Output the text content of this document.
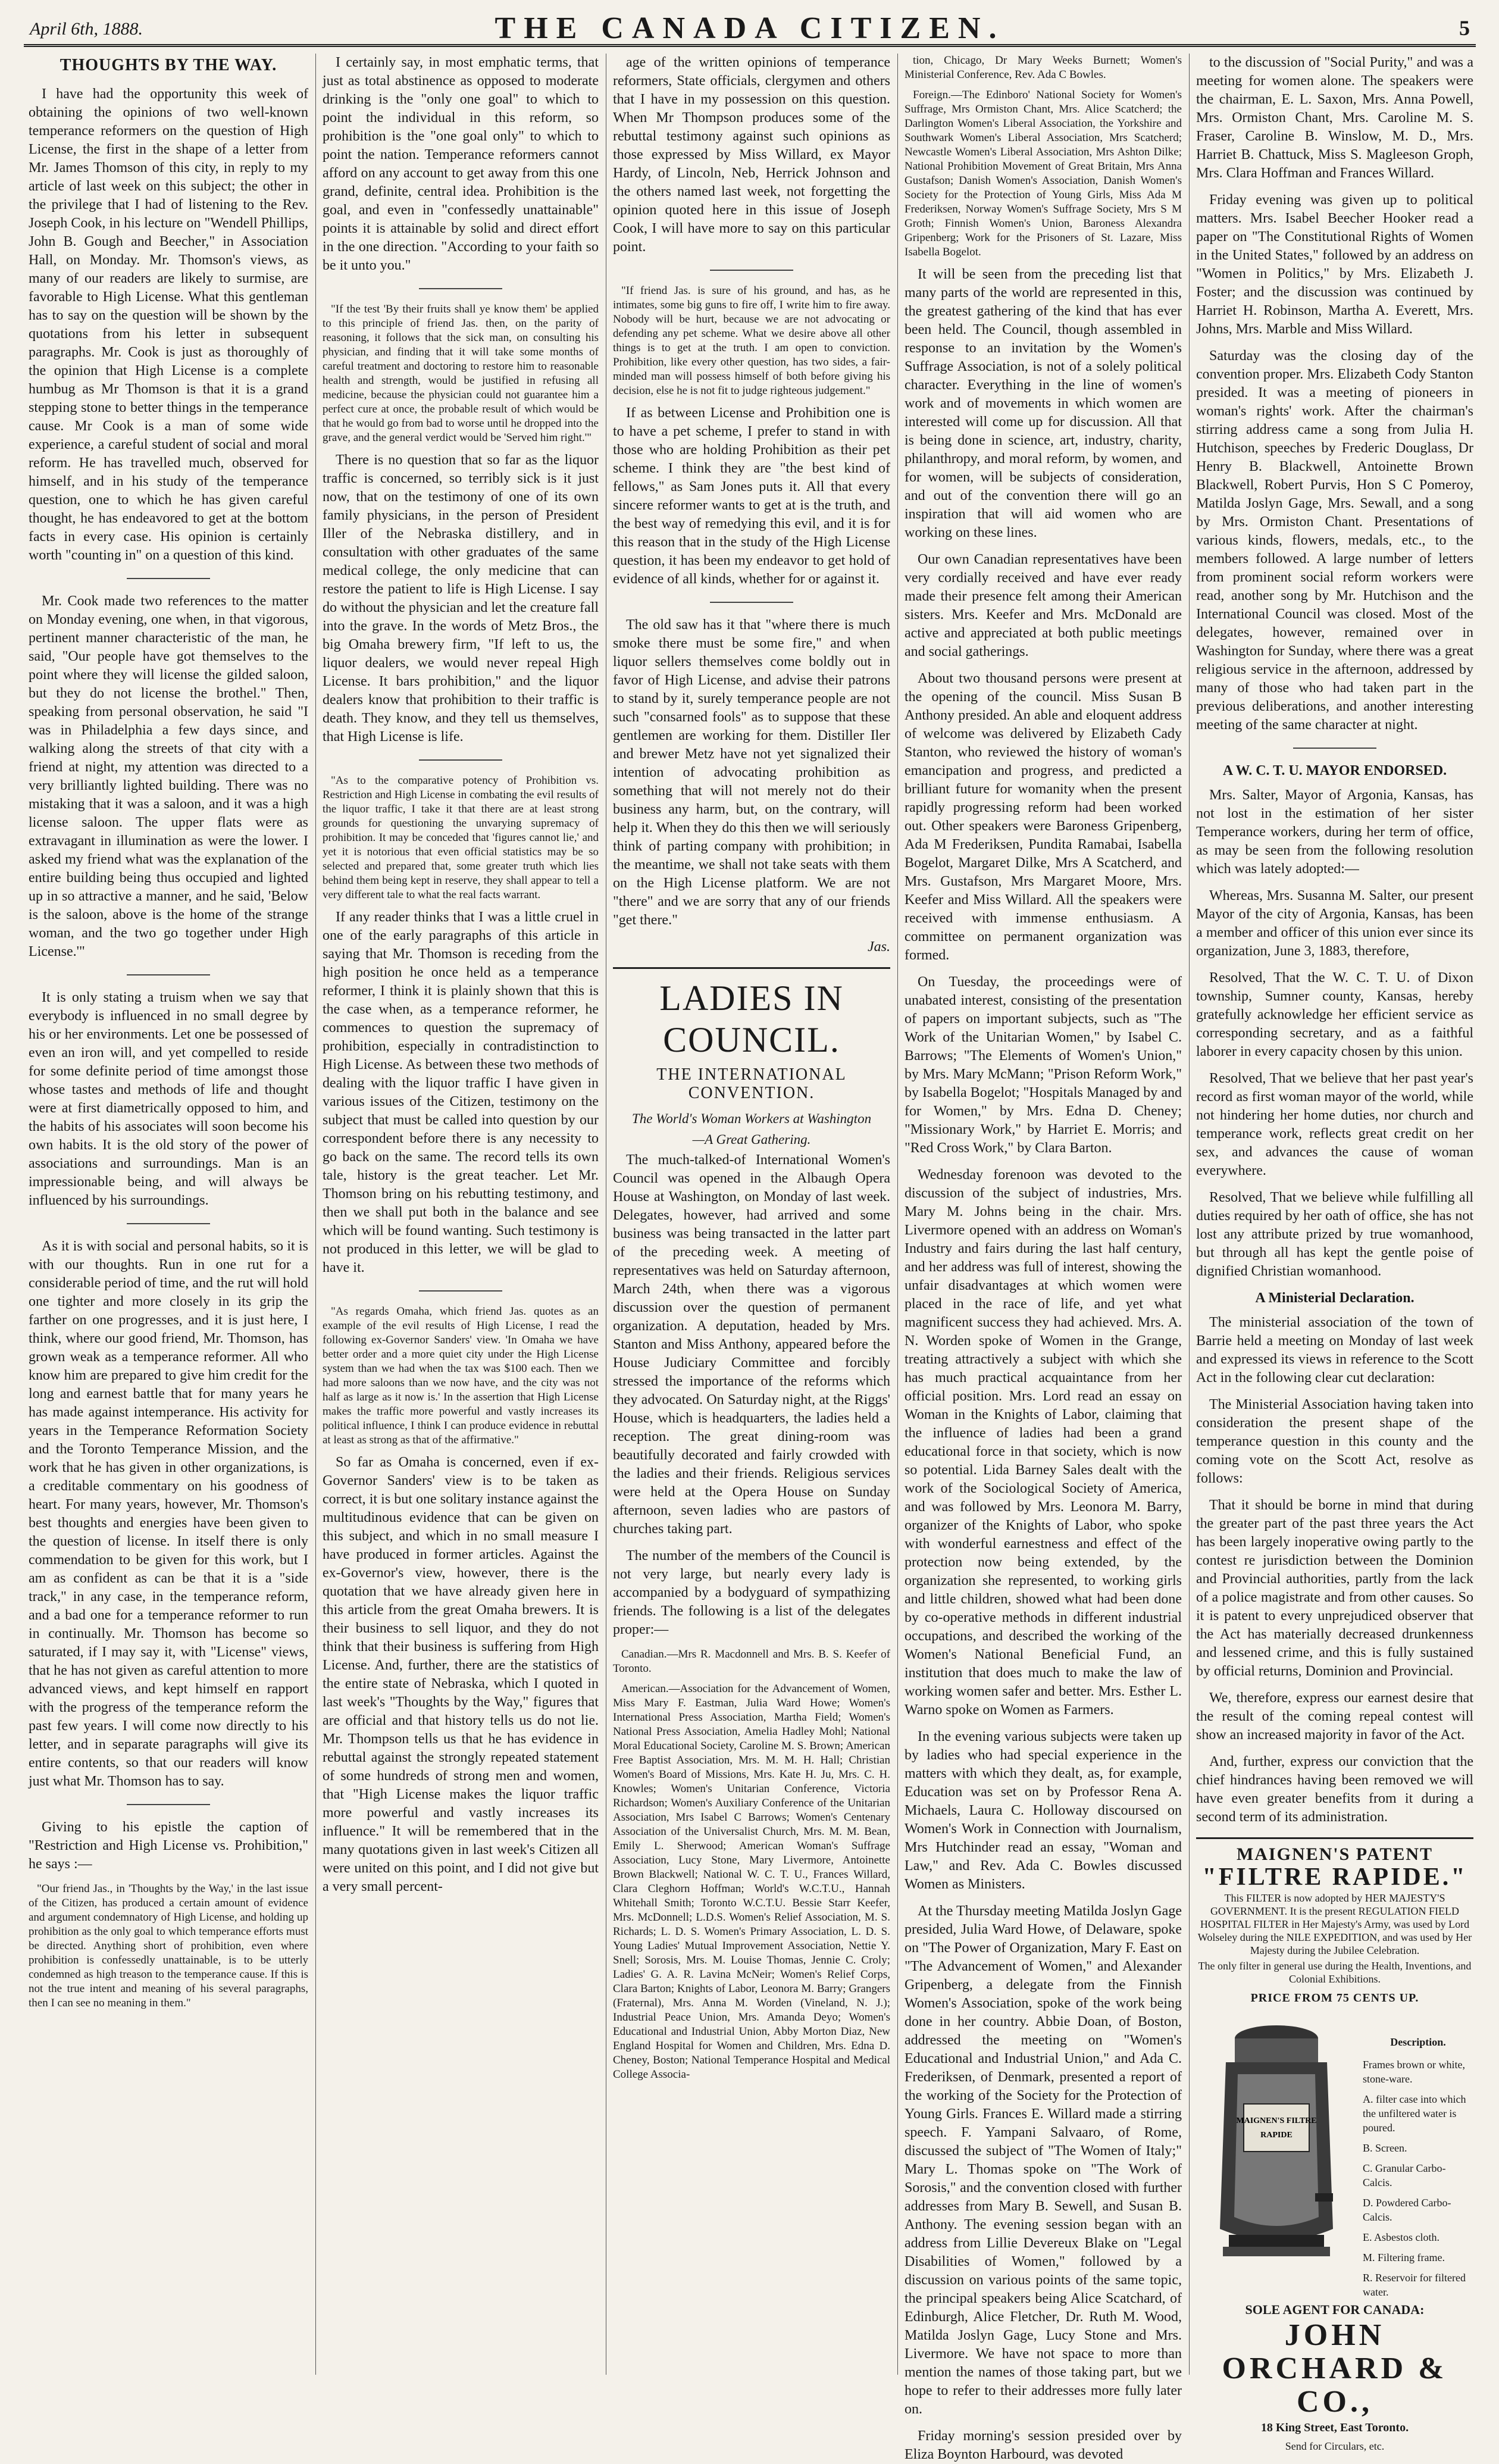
April 6th, 1888.	THE CANADA CITIZEN.	5
THOUGHTS BY THE WAY.

I have had the opportunity this week of obtaining the opinions of two well-known temperance reformers on the question of High License, the first in the shape of a letter from Mr. James Thomson of this city, in reply to my article of last week on this subject; the other in the privilege that I had of listening to the Rev. Joseph Cook, in his lecture on "Wendell Phillips, John B. Gough and Beecher," in Association Hall, on Monday. Mr. Thomson's views, as many of our readers are likely to surmise, are favorable to High License. What this gentleman has to say on the question will be shown by the quotations from his letter in subsequent paragraphs. Mr. Cook is just as thoroughly of the opinion that High License is a complete humbug as Mr Thomson is that it is a grand stepping stone to better things in the temperance cause. Mr Cook is a man of some wide experience, a careful student of social and moral reform. He has travelled much, observed for himself, and in his study of the temperance question, one to which he has given careful thought, he has endeavored to get at the bottom facts in every case. His opinion is certainly worth "counting in" on a question of this kind.

Mr. Cook made two references to the matter on Monday evening, one when, in that vigorous, pertinent manner characteristic of the man, he said, "Our people have got themselves to the point where they will license the gilded saloon, but they do not license the brothel." Then, speaking from personal observation, he said "I was in Philadelphia a few days since, and walking along the streets of that city with a friend at night, my attention was directed to a very brilliantly lighted building. There was no mistaking that it was a saloon, and it was a high license saloon. The upper flats were as extravagant in illumination as were the lower. I asked my friend what was the explanation of the entire building being thus occupied and lighted up in so attractive a manner, and he said, 'Below is the saloon, above is the home of the strange woman, and the two go together under High License.'"

It is only stating a truism when we say that everybody is influenced in no small degree by his or her environments. Let one be possessed of even an iron will, and yet compelled to reside for some definite period of time amongst those whose tastes and methods of life and thought were at first diametrically opposed to him, and the habits of his associates will soon become his own habits. It is the old story of the power of associations and surroundings. Man is an impressionable being, and will always be influenced by his surroundings.

As it is with social and personal habits, so it is with our thoughts. Run in one rut for a considerable period of time, and the rut will hold one tighter and more closely in its grip the farther on one progresses, and it is just here, I think, where our good friend, Mr. Thomson, has grown weak as a temperance reformer. All who know him are prepared to give him credit for the long and earnest battle that for many years he has made against intemperance. His activity for years in the Temperance Reformation Society and the Toronto Temperance Mission, and the work that he has given in other organizations, is a creditable commentary on his goodness of heart. For many years, however, Mr. Thomson's best thoughts and energies have been given to the question of license. In itself there is only commendation to be given for this work, but I am as confident as can be that it is a "side track," in any case, in the temperance reform, and a bad one for a temperance reformer to run in continually. Mr. Thomson has become so saturated, if I may say it, with "License" views, that he has not given as careful attention to more advanced views, and kept himself en rapport with the progress of the temperance reform the past few years. I will come now directly to his letter, and in separate paragraphs will give its entire contents, so that our readers will know just what Mr. Thomson has to say.

Giving to his epistle the caption of "Restriction and High License vs. Prohibition," he says :—

"Our friend Jas., in 'Thoughts by the Way,' in the last issue of the Citizen, has produced a certain amount of evidence and argument condemnatory of High License, and holding up prohibition as the only goal to which temperance efforts must be directed. Anything short of prohibition, even where prohibition is confessedly unattainable, is to be utterly condemned as high treason to the temperance cause. If this is not the true intent and meaning of his several paragraphs, then I can see no meaning in them."

I certainly say, in most emphatic terms, that just as total abstinence as opposed to moderate drinking is the "only one goal" to which to point the individual in this reform, so prohibition is the "one goal only" to which to point the nation. Temperance reformers cannot afford on any account to get away from this one grand, definite, central idea. Prohibition is the goal, and even in "confessedly unattainable" points it is attainable by solid and direct effort in the one direction. "According to your faith so be it unto you."

"If the test 'By their fruits shall ye know them' be applied to this principle of friend Jas. then, on the parity of reasoning, it follows that the sick man, on consulting his physician, and finding that it will take some months of careful treatment and doctoring to restore him to reasonable health and strength, would be justified in refusing all medicine, because the physician could not guarantee him a perfect cure at once, the probable result of which would be that he would go from bad to worse until he dropped into the grave, and the general verdict would be 'Served him right.'"

There is no question that so far as the liquor traffic is concerned, so terribly sick is it just now, that on the testimony of one of its own family physicians, in the person of President Iller of the Nebraska distillery, and in consultation with other graduates of the same medical college, the only medicine that can restore the patient to life is High License. I say do without the physician and let the creature fall into the grave. In the words of Metz Bros., the big Omaha brewery firm, "If left to us, the liquor dealers, we would never repeal High License. It bars prohibition," and the liquor dealers know that prohibition to their traffic is death. They know, and they tell us themselves, that High License is life.

"As to the comparative potency of Prohibition vs. Restriction and High License in combating the evil results of the liquor traffic, I take it that there are at least strong grounds for questioning the unvarying supremacy of prohibition. It may be conceded that 'figures cannot lie,' and yet it is notorious that even official statistics may be so selected and prepared that, some greater truth which lies behind them being kept in reserve, they shall appear to tell a very different tale to what the real facts warrant.

If any reader thinks that I was a little cruel in one of the early paragraphs of this article in saying that Mr. Thomson is receding from the high position he once held as a temperance reformer, I think it is plainly shown that this is the case when, as a temperance reformer, he commences to question the supremacy of prohibition, especially in contradistinction to High License. As between these two methods of dealing with the liquor traffic I have given in various issues of the Citizen, testimony on the subject that must be called into question by our correspondent before there is any necessity to go back on the same. The record tells its own tale, history is the great teacher. Let Mr. Thomson bring on his rebutting testimony, and then we shall put both in the balance and see which will be found wanting. Such testimony is not produced in this letter, we will be glad to have it.

"As regards Omaha, which friend Jas. quotes as an example of the evil results of High License, I read the following ex-Governor Sanders' view. 'In Omaha we have better order and a more quiet city under the High License system than we had when the tax was $100 each. Then we had more saloons than we now have, and the city was not half as large as it now is.' In the assertion that High License makes the traffic more powerful and vastly increases its political influence, I think I can produce evidence in rebuttal at least as strong as that of the affirmative."

So far as Omaha is concerned, even if ex-Governor Sanders' view is to be taken as correct, it is but one solitary instance against the multitudinous evidence that can be given on this subject, and which in no small measure I have produced in former articles. Against the ex-Governor's view, however, there is the quotation that we have already given here in this article from the great Omaha brewers. It is their business to sell liquor, and they do not think that their business is suffering from High License. And, further, there are the statistics of the entire state of Nebraska, which I quoted in last week's "Thoughts by the Way," figures that are official and that history tells us do not lie. Mr. Thompson tells us that he has evidence in rebuttal against the strongly repeated statement of some hundreds of strong men and women, that "High License makes the liquor traffic more powerful and vastly increases its influence." It will be remembered that in the many quotations given in last week's Citizen all were united on this point, and I did not give but a very small percent-

age of the written opinions of temperance reformers, State officials, clergymen and others that I have in my possession on this question. When Mr Thompson produces some of the rebuttal testimony against such opinions as those expressed by Miss Willard, ex Mayor Hardy, of Lincoln, Neb, Herrick Johnson and the others named last week, not forgetting the opinion quoted here in this issue of Joseph Cook, I will have more to say on this particular point.

"If friend Jas. is sure of his ground, and has, as he intimates, some big guns to fire off, I write him to fire away. Nobody will be hurt, because we are not advocating or defending any pet scheme. What we desire above all other things is to get at the truth. I am open to conviction. Prohibition, like every other question, has two sides, a fair-minded man will possess himself of both before giving his decision, else he is not fit to judge righteous judgement."

If as between License and Prohibition one is to have a pet scheme, I prefer to stand in with those who are holding Prohibition as their pet scheme. I think they are "the best kind of fellows," as Sam Jones puts it. All that every sincere reformer wants to get at is the truth, and the best way of remedying this evil, and it is for this reason that in the study of the High License question, it has been my endeavor to get hold of evidence of all kinds, whether for or against it.

The old saw has it that "where there is much smoke there must be some fire," and when liquor sellers themselves come boldly out in favor of High License, and advise their patrons to stand by it, surely temperance people are not such "consarned fools" as to suppose that these gentlemen are working for them. Distiller Iler and brewer Metz have not yet signalized their intention of advocating prohibition as something that will not merely not do their business any harm, but, on the contrary, will help it. When they do this then we will seriously think of parting company with prohibition; in the meantime, we shall not take seats with them on the High License platform. We are not "there" and we are sorry that any of our friends "get there."

Jas.
LADIES IN COUNCIL.
THE INTERNATIONAL CONVENTION.
The World's Woman Workers at Washington
—A Great Gathering.

The much-talked-of International Women's Council was opened in the Albaugh Opera House at Washington, on Monday of last week. Delegates, however, had arrived and some business was being transacted in the latter part of the preceding week. A meeting of representatives was held on Saturday afternoon, March 24th, when there was a vigorous discussion over the question of permanent organization. A deputation, headed by Mrs. Stanton and Miss Anthony, appeared before the House Judiciary Committee and forcibly stressed the importance of the reforms which they advocated. On Saturday night, at the Riggs' House, which is headquarters, the ladies held a reception. The great dining-room was beautifully decorated and fairly crowded with the ladies and their friends. Religious services were held at the Opera House on Sunday afternoon, seven ladies who are pastors of churches taking part.

The number of the members of the Council is not very large, but nearly every lady is accompanied by a bodyguard of sympathizing friends. The following is a list of the delegates proper:—

Canadian.—Mrs R. Macdonnell and Mrs. B. S. Keefer of Toronto.

American.—Association for the Advancement of Women, Miss Mary F. Eastman, Julia Ward Howe; Women's International Press Association, Martha Field; Women's National Press Association, Amelia Hadley Mohl; National Moral Educational Society, Caroline M. S. Brown; American Free Baptist Association, Mrs. M. M. H. Hall; Christian Women's Board of Missions, Mrs. Kate H. Ju, Mrs. C. H. Knowles; Women's Unitarian Conference, Victoria Richardson; Women's Auxiliary Conference of the Unitarian Association, Mrs Isabel C Barrows; Women's Centenary Association of the Universalist Church, Mrs. M. M. Bean, Emily L. Sherwood; American Woman's Suffrage Association, Lucy Stone, Mary Livermore, Antoinette Brown Blackwell; National W. C. T. U., Frances Willard, Clara Cleghorn Hoffman; World's W.C.T.U., Hannah Whitehall Smith; Toronto W.C.T.U. Bessie Starr Keefer, Mrs. McDonnell; L.D.S. Women's Relief Association, M. S. Richards; L. D. S. Women's Primary Association, L. D. S. Young Ladies' Mutual Improvement Association, Nettie Y. Snell; Sorosis, Mrs. M. Louise Thomas, Jennie C. Croly; Ladies' G. A. R. Lavina McNeir; Women's Relief Corps, Clara Barton; Knights of Labor, Leonora M. Barry; Grangers (Fraternal), Mrs. Anna M. Worden (Vineland, N. J.); Industrial Peace Union, Mrs. Amanda Deyo; Women's Educational and Industrial Union, Abby Morton Diaz, New England Hospital for Women and Children, Mrs. Edna D. Cheney, Boston; National Temperance Hospital and Medical College Associa-

tion, Chicago, Dr Mary Weeks Burnett; Women's Ministerial Conference, Rev. Ada C Bowles.

Foreign.—The Edinboro' National Society for Women's Suffrage, Mrs Ormiston Chant, Mrs. Alice Scatcherd; the Darlington Women's Liberal Association, the Yorkshire and Southwark Women's Liberal Association, Mrs Scatcherd; Newcastle Women's Liberal Association, Mrs Ashton Dilke; National Prohibition Movement of Great Britain, Mrs Anna Gustafson; Danish Women's Association, Danish Women's Society for the Protection of Young Girls, Miss Ada M Frederiksen, Norway Women's Suffrage Society, Mrs S M Groth; Finnish Women's Union, Baroness Alexandra Gripenberg; Work for the Prisoners of St. Lazare, Miss Isabella Bogelot.

It will be seen from the preceding list that many parts of the world are represented in this, the greatest gathering of the kind that has ever been held. The Council, though assembled in response to an invitation by the Women's Suffrage Association, is not of a solely political character. Everything in the line of women's work and of movements in which women are interested will come up for discussion. All that is being done in science, art, industry, charity, philanthropy, and moral reform, by women, and for women, will be subjects of consideration, and out of the convention there will go an inspiration that will aid women who are working on these lines.

Our own Canadian representatives have been very cordially received and have ever ready made their presence felt among their American sisters. Mrs. Keefer and Mrs. McDonald are active and appreciated at both public meetings and social gatherings.

About two thousand persons were present at the opening of the council. Miss Susan B Anthony presided. An able and eloquent address of welcome was delivered by Elizabeth Cady Stanton, who reviewed the history of woman's emancipation and progress, and predicted a brilliant future for womanity when the present rapidly progressing reform had been worked out. Other speakers were Baroness Gripenberg, Ada M Frederiksen, Pundita Ramabai, Isabella Bogelot, Margaret Dilke, Mrs A Scatcherd, and Mrs. Gustafson, Mrs Margaret Moore, Mrs. Keefer and Miss Willard. All the speakers were received with immense enthusiasm. A committee on permanent organization was formed.

On Tuesday, the proceedings were of unabated interest, consisting of the presentation of papers on important subjects, such as "The Work of the Unitarian Women," by Isabel C. Barrows; "The Elements of Women's Union," by Mrs. Mary McMann; "Prison Reform Work," by Isabella Bogelot; "Hospitals Managed by and for Women," by Mrs. Edna D. Cheney; "Missionary Work," by Harriet E. Morris; and "Red Cross Work," by Clara Barton.

Wednesday forenoon was devoted to the discussion of the subject of industries, Mrs. Mary M. Johns being in the chair. Mrs. Livermore opened with an address on Woman's Industry and fairs during the last half century, and her address was full of interest, showing the unfair disadvantages at which women were placed in the race of life, and yet what magnificent success they had achieved. Mrs. A. N. Worden spoke of Women in the Grange, treating attractively a subject with which she has much practical acquaintance from her official position. Mrs. Lord read an essay on Woman in the Knights of Labor, claiming that the influence of ladies had been a grand educational force in that society, which is now so potential. Lida Barney Sales dealt with the work of the Sociological Society of America, and was followed by Mrs. Leonora M. Barry, organizer of the Knights of Labor, who spoke with wonderful earnestness and effect of the protection now being extended, by the organization she represented, to working girls and little children, showed what had been done by co-operative methods in different industrial occupations, and described the working of the Women's National Beneficial Fund, an institution that does much to make the law of working women safer and better. Mrs. Esther L. Warno spoke on Women as Farmers.

In the evening various subjects were taken up by ladies who had special experience in the matters with which they dealt, as, for example, Education was set on by Professor Rena A. Michaels, Laura C. Holloway discoursed on Women's Work in Connection with Journalism, Mrs Hutchinder read an essay, "Woman and Law," and Rev. Ada C. Bowles discussed Women as Ministers.

At the Thursday meeting Matilda Joslyn Gage presided, Julia Ward Howe, of Delaware, spoke on "The Power of Organization, Mary F. East on "The Advancement of Women," and Alexander Gripenberg, a delegate from the Finnish Women's Association, spoke of the work being done in her country. Abbie Doan, of Boston, addressed the meeting on "Women's Educational and Industrial Union," and Ada C. Frederiksen, of Denmark, presented a report of the working of the Society for the Protection of Young Girls. Frances E. Willard made a stirring speech. F. Yampani Salvaaro, of Rome, discussed the subject of "The Women of Italy;" Mary L. Thomas spoke on "The Work of Sorosis," and the convention closed with further addresses from Mary B. Sewell, and Susan B. Anthony. The evening session began with an address from Lillie Devereux Blake on "Legal Disabilities of Women," followed by a discussion on various points of the same topic, the principal speakers being Alice Scatchard, of Edinburgh, Alice Fletcher, Dr. Ruth M. Wood, Matilda Joslyn Gage, Lucy Stone and Mrs. Livermore. We have not space to more than mention the names of those taking part, but we hope to refer to their addresses more fully later on.

Friday morning's session presided over by Eliza Boynton Harbourd, was devoted

to the discussion of "Social Purity," and was a meeting for women alone. The speakers were the chairman, E. L. Saxon, Mrs. Anna Powell, Mrs. Ormiston Chant, Mrs. Caroline M. S. Fraser, Caroline B. Winslow, M. D., Mrs. Harriet B. Chattuck, Miss S. Magleeson Groph, Mrs. Clara Hoffman and Frances Willard.

Friday evening was given up to political matters. Mrs. Isabel Beecher Hooker read a paper on "The Constitutional Rights of Women in the United States," followed by an address on "Women in Politics," by Mrs. Elizabeth J. Foster; and the discussion was continued by Harriet H. Robinson, Martha A. Everett, Mrs. Johns, Mrs. Marble and Miss Willard.

Saturday was the closing day of the convention proper. Mrs. Elizabeth Cody Stanton presided. It was a meeting of pioneers in woman's rights' work. After the chairman's stirring address came a song from Julia H. Hutchison, speeches by Frederic Douglass, Dr Henry B. Blackwell, Antoinette Brown Blackwell, Robert Purvis, Hon S C Pomeroy, Matilda Joslyn Gage, Mrs. Sewall, and a song by Mrs. Ormiston Chant. Presentations of various kinds, flowers, medals, etc., to the members followed. A large number of letters from prominent social reform workers were read, another song by Mr. Hutchison and the International Council was closed. Most of the delegates, however, remained over in Washington for Sunday, where there was a great religious service in the afternoon, addressed by many of those who had taken part in the previous deliberations, and another interesting meeting of the same character at night.

A W. C. T. U. MAYOR ENDORSED.

Mrs. Salter, Mayor of Argonia, Kansas, has not lost in the estimation of her sister Temperance workers, during her term of office, as may be seen from the following resolution which was lately adopted:—

Whereas, Mrs. Susanna M. Salter, our present Mayor of the city of Argonia, Kansas, has been a member and officer of this union ever since its organization, June 3, 1883, therefore,

Resolved, That the W. C. T. U. of Dixon township, Sumner county, Kansas, hereby gratefully acknowledge her efficient service as corresponding secretary, and as a faithful laborer in every capacity chosen by this union.

Resolved, That we believe that her past year's record as first woman mayor of the world, while not hindering her home duties, nor church and temperance work, reflects great credit on her sex, and advances the cause of woman everywhere.

Resolved, That we believe while fulfilling all duties required by her oath of office, she has not lost any attribute prized by true womanhood, but through all has kept the gentle poise of dignified Christian womanhood.

A Ministerial Declaration.

The ministerial association of the town of Barrie held a meeting on Monday of last week and expressed its views in reference to the Scott Act in the following clear cut declaration:

The Ministerial Association having taken into consideration the present shape of the temperance question in this county and the coming vote on the Scott Act, resolve as follows:

That it should be borne in mind that during the greater part of the past three years the Act has been largely inoperative owing partly to the contest re jurisdiction between the Dominion and Provincial authorities, partly from the lack of a police magistrate and from other causes. So it is patent to every unprejudiced observer that the Act has materially decreased drunkenness and lessened crime, and this is fully sustained by official returns, Dominion and Provincial.

We, therefore, express our earnest desire that the result of the coming repeal contest will show an increased majority in favor of the Act.

And, further, express our conviction that the chief hindrances having been removed we will have even greater benefits from it during a second term of its administration.

MAIGNEN'S PATENT
"FILTRE RAPIDE."
This FILTER is now adopted by HER MAJESTY'S GOVERNMENT. It is the present REGULATION FIELD HOSPITAL FILTER in Her Majesty's Army, was used by Lord Wolseley during the NILE EXPEDITION, and was used by Her Majesty during the Jubilee Celebration.
The only filter in general use during the Health, Inventions, and Colonial Exhibitions.
PRICE FROM 75 CENTS UP.
MAIGNEN'S FILTRE
RAPIDE
Description.
Frames brown or white, stone-ware.
A. filter case into which the unfiltered water is poured.
B. Screen.
C. Granular Carbo-Calcis.
D. Powdered Carbo-Calcis.
E. Asbestos cloth.
M. Filtering frame.
R. Reservoir for filtered water.
SOLE AGENT FOR CANADA:
JOHN ORCHARD & CO.,
18 King Street, East Toronto.
Send for Circulars, etc.
